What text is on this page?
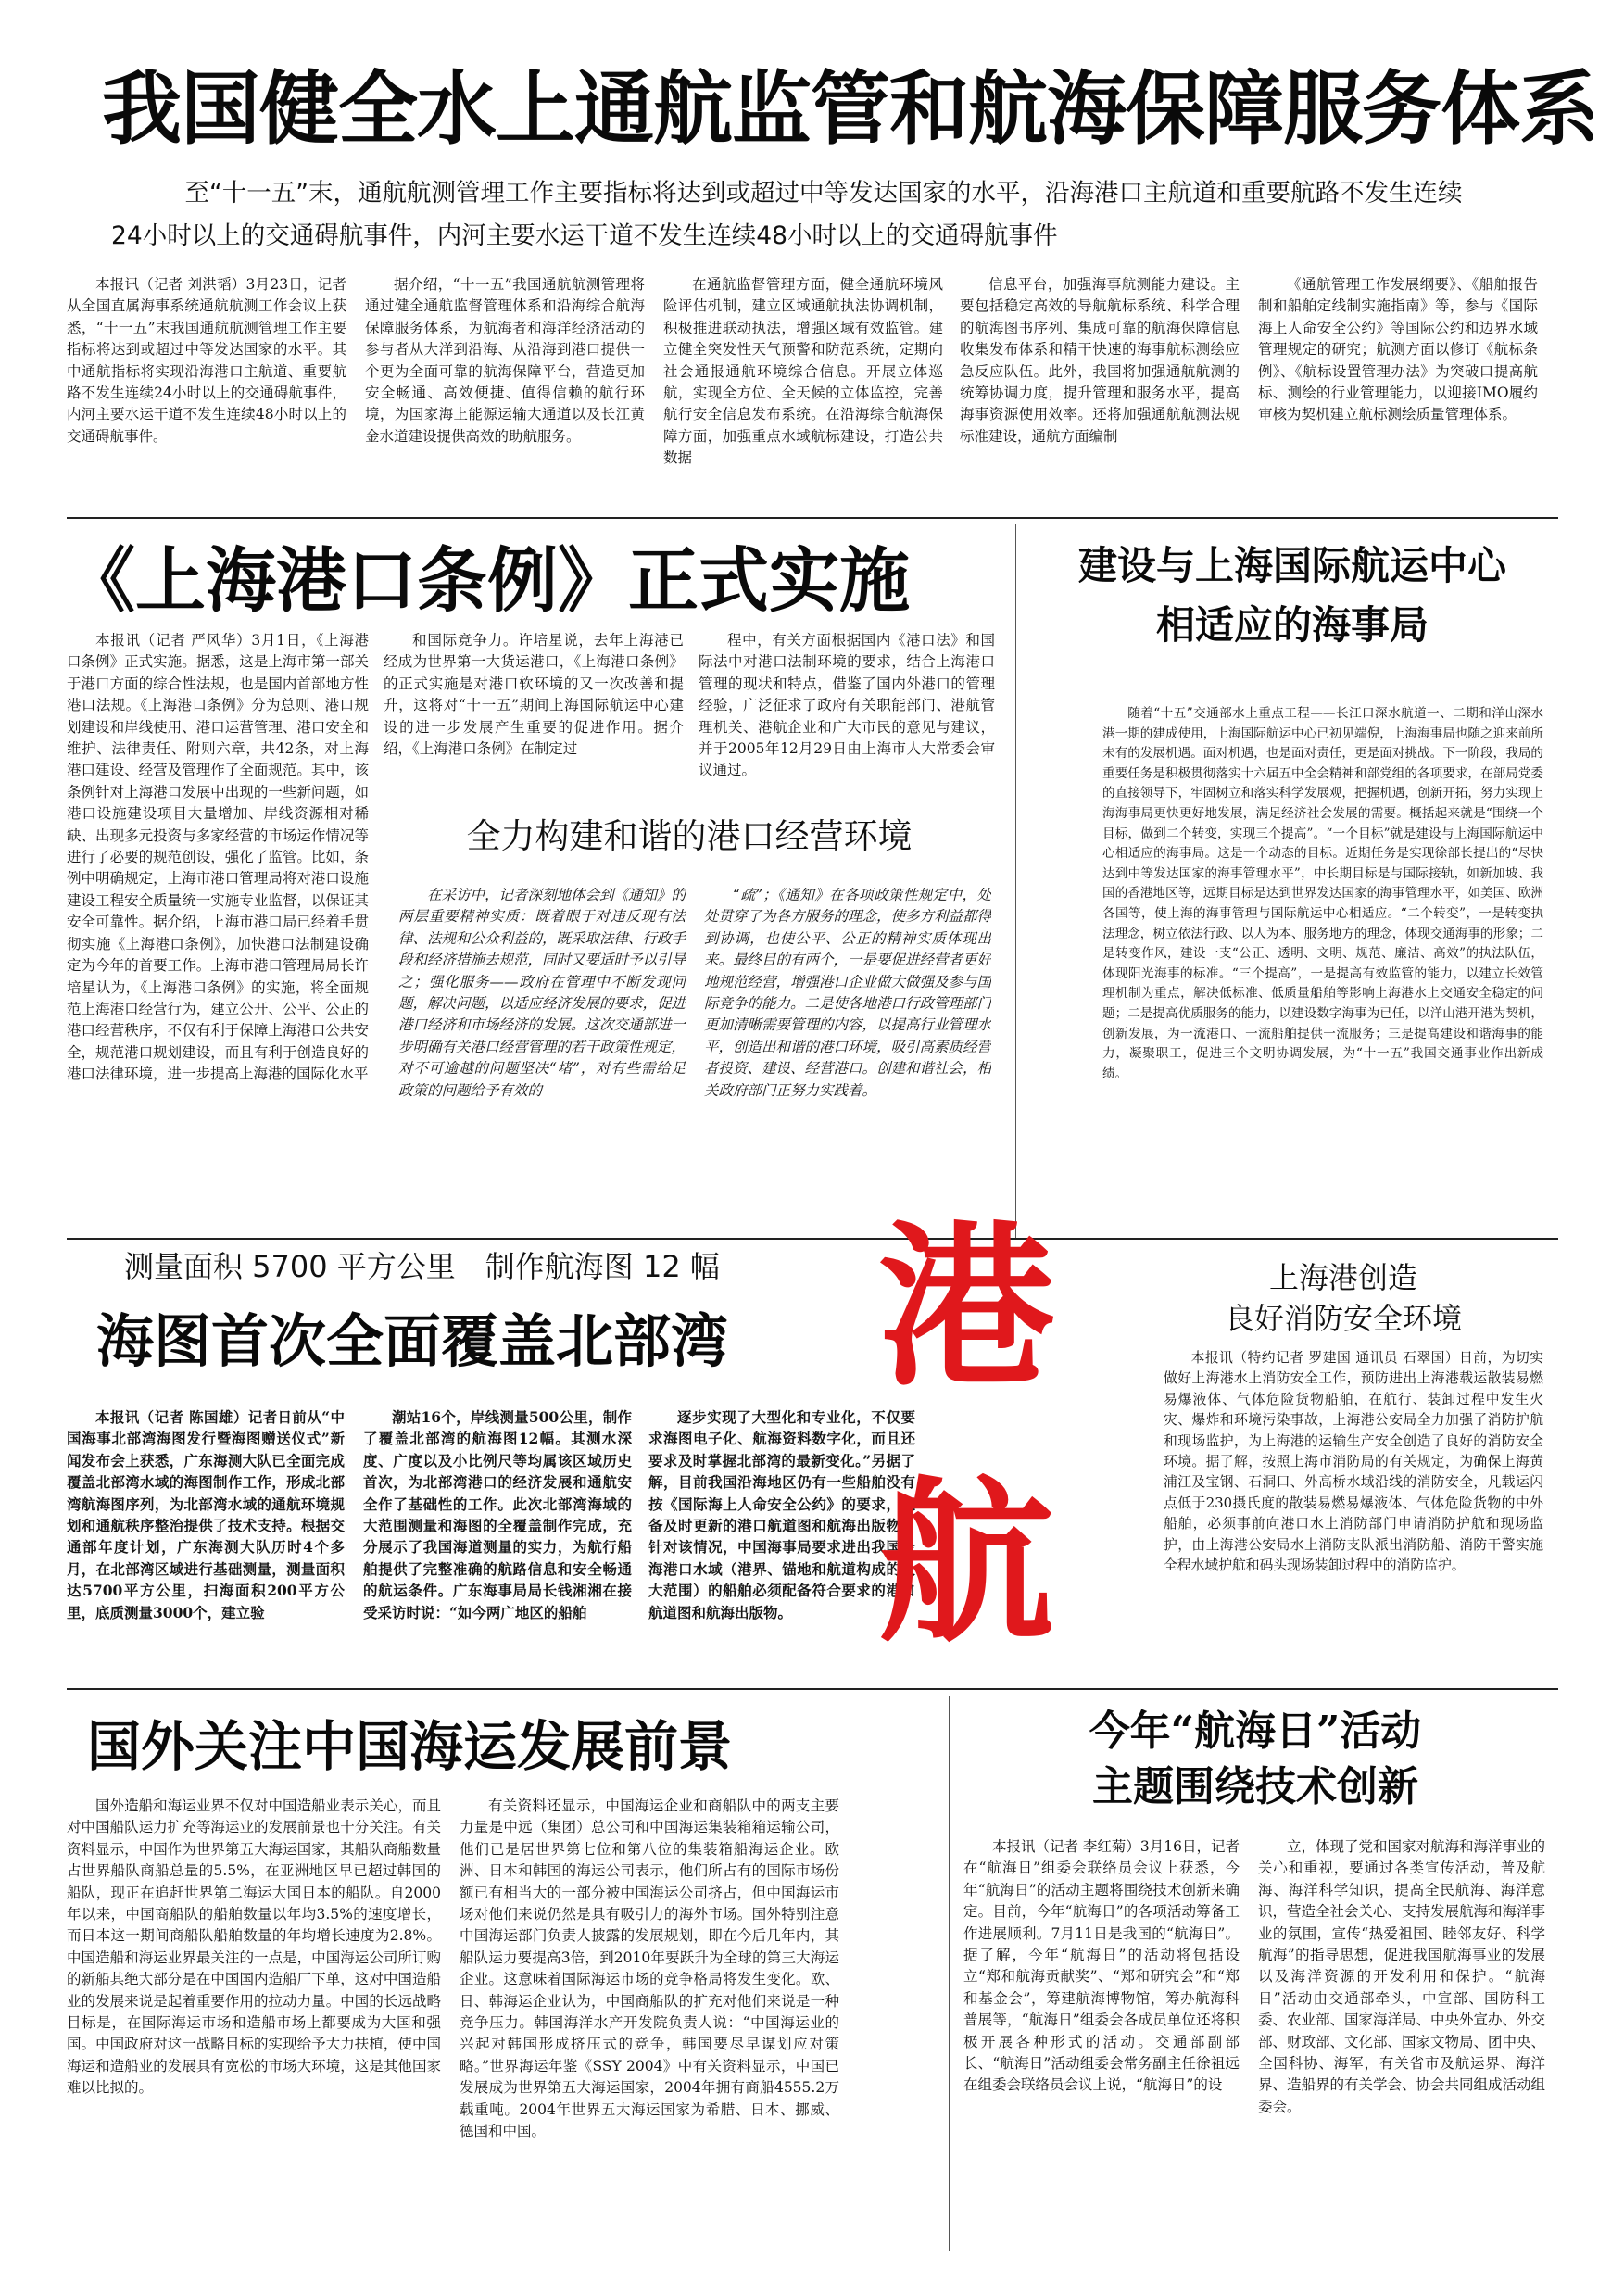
我国健全水上通航监管和航海保障服务体系
至“十一五”末，通航航测管理工作主要指标将达到或超过中等发达国家的水平，沿海港口主航道和重要航路不发生连续24小时以上的交通碍航事件，内河主要水运干道不发生连续48小时以上的交通碍航事件

本报讯（记者 刘洪韬）3月23日，记者从全国直属海事系统通航航测工作会议上获悉，“十一五”末我国通航航测管理工作主要指标将达到或超过中等发达国家的水平。其中通航指标将实现沿海港口主航道、重要航路不发生连续24小时以上的交通碍航事件，内河主要水运干道不发生连续48小时以上的交通碍航事件。

据介绍，“十一五”我国通航航测管理将通过健全通航监督管理体系和沿海综合航海保障服务体系，为航海者和海洋经济活动的参与者从大洋到沿海、从沿海到港口提供一个更为全面可靠的航海保障平台，营造更加安全畅通、高效便捷、值得信赖的航行环境，为国家海上能源运输大通道以及长江黄金水道建设提供高效的助航服务。

在通航监督管理方面，健全通航环境风险评估机制，建立区域通航执法协调机制，积极推进联动执法，增强区域有效监管。建立健全突发性天气预警和防范系统，定期向社会通报通航环境综合信息。开展立体巡航，实现全方位、全天候的立体监控，完善航行安全信息发布系统。在沿海综合航海保障方面，加强重点水域航标建设，打造公共数据

信息平台，加强海事航测能力建设。主要包括稳定高效的导航航标系统、科学合理的航海图书序列、集成可靠的航海保障信息收集发布体系和精干快速的海事航标测绘应急反应队伍。此外，我国将加强通航航测的统筹协调力度，提升管理和服务水平，提高海事资源使用效率。还将加强通航航测法规标准建设，通航方面编制

《通航管理工作发展纲要》、《船舶报告制和船舶定线制实施指南》等，参与《国际海上人命安全公约》等国际公约和边界水域管理规定的研究；航测方面以修订《航标条例》、《航标设置管理办法》为突破口提高航标、测绘的行业管理能力，以迎接IMO履约审核为契机建立航标测绘质量管理体系。

《上海港口条例》正式实施

本报讯（记者 严风华）3月1日，《上海港口条例》正式实施。据悉，这是上海市第一部关于港口方面的综合性法规，也是国内首部地方性港口法规。《上海港口条例》分为总则、港口规划建设和岸线使用、港口运营管理、港口安全和维护、法律责任、附则六章，共42条，对上海港口建设、经营及管理作了全面规范。其中，该条例针对上海港口发展中出现的一些新问题，如港口设施建设项目大量增加、岸线资源相对稀缺、出现多元投资与多家经营的市场运作情况等进行了必要的规范创设，强化了监管。比如，条例中明确规定，上海市港口管理局将对港口设施建设工程安全质量统一实施专业监督，以保证其安全可靠性。据介绍，上海市港口局已经着手贯彻实施《上海港口条例》，加快港口法制建设确定为今年的首要工作。上海市港口管理局局长许培星认为，《上海港口条例》的实施，将全面规范上海港口经营行为，建立公开、公平、公正的港口经营秩序，不仅有利于保障上海港口公共安全，规范港口规划建设，而且有利于创造良好的港口法律环境，进一步提高上海港的国际化水平

和国际竞争力。许培星说，去年上海港已经成为世界第一大货运港口，《上海港口条例》的正式实施是对港口软环境的又一次改善和提升，这将对“十一五”期间上海国际航运中心建设的进一步发展产生重要的促进作用。据介绍，《上海港口条例》在制定过

程中，有关方面根据国内《港口法》和国际法中对港口法制环境的要求，结合上海港口管理的现状和特点，借鉴了国内外港口的管理经验，广泛征求了政府有关职能部门、港航管理机关、港航企业和广大市民的意见与建议，并于2005年12月29日由上海市人大常委会审议通过。

全力构建和谐的港口经营环境

在采访中，记者深刻地体会到《通知》的两层重要精神实质：既着眼于对违反现有法律、法规和公众利益的，既采取法律、行政手段和经济措施去规范，同时又要适时予以引导之；强化服务——政府在管理中不断发现问题，解决问题，以适应经济发展的要求，促进港口经济和市场经济的发展。这次交通部进一步明确有关港口经营管理的若干政策性规定，对不可逾越的问题坚决“堵”，对有些需给足政策的问题给予有效的

“疏”；《通知》在各项政策性规定中，处处贯穿了为各方服务的理念，使多方利益都得到协调，也使公平、公正的精神实质体现出来。最终目的有两个，一是要促进经营者更好地规范经营，增强港口企业做大做强及参与国际竞争的能力。二是使各地港口行政管理部门更加清晰需要管理的内容，以提高行业管理水平，创造出和谐的港口环境，吸引高素质经营者投资、建设、经营港口。创建和谐社会，相关政府部门正努力实践着。

建设与上海国际航运中心
相适应的海事局

随着“十五”交通部水上重点工程——长江口深水航道一、二期和洋山深水港一期的建成使用，上海国际航运中心已初见端倪，上海海事局也随之迎来前所未有的发展机遇。面对机遇，也是面对责任，更是面对挑战。下一阶段，我局的重要任务是积极贯彻落实十六届五中全会精神和部党组的各项要求，在部局党委的直接领导下，牢固树立和落实科学发展观，把握机遇，创新开拓，努力实现上海海事局更快更好地发展，满足经济社会发展的需要。概括起来就是“围绕一个目标，做到二个转变，实现三个提高”。“一个目标”就是建设与上海国际航运中心相适应的海事局。这是一个动态的目标。近期任务是实现徐部长提出的“尽快达到中等发达国家的海事管理水平”，中长期目标是与国际接轨，如新加坡、我国的香港地区等，远期目标是达到世界发达国家的海事管理水平，如美国、欧洲各国等，使上海的海事管理与国际航运中心相适应。“二个转变”，一是转变执法理念，树立依法行政、以人为本、服务地方的理念，体现交通海事的形象；二是转变作风，建设一支“公正、透明、文明、规范、廉洁、高效”的执法队伍，体现阳光海事的标准。“三个提高”，一是提高有效监管的能力，以建立长效管理机制为重点，解决低标准、低质量船舶等影响上海港水上交通安全稳定的问题；二是提高优质服务的能力，以建设数字海事为已任，以洋山港开港为契机，创新发展，为一流港口、一流船舶提供一流服务；三是提高建设和谐海事的能力，凝聚职工，促进三个文明协调发展，为“十一五”我国交通事业作出新成绩。

测量面积 5700 平方公里　制作航海图 12 幅
海图首次全面覆盖北部湾

本报讯（记者 陈国雄）记者日前从“中国海事北部湾海图发行暨海图赠送仪式”新闻发布会上获悉，广东海测大队已全面完成覆盖北部湾水域的海图制作工作，形成北部湾航海图序列，为北部湾水域的通航环境规划和通航秩序整治提供了技术支持。根据交通部年度计划，广东海测大队历时4个多月，在北部湾区域进行基础测量，测量面积达5700平方公里，扫海面积200平方公里，底质测量3000个，建立验

潮站16个，岸线测量500公里，制作了覆盖北部湾的航海图12幅。其测水深度、广度以及小比例尺等均属该区域历史首次，为北部湾港口的经济发展和通航安全作了基础性的工作。此次北部湾海域的大范围测量和海图的全覆盖制作完成，充分展示了我国海道测量的实力，为航行船舶提供了完整准确的航路信息和安全畅通的航运条件。广东海事局局长钱湘湘在接受采访时说：“如今两广地区的船舶

逐步实现了大型化和专业化，不仅要求海图电子化、航海资料数字化，而且还要求及时掌握北部湾的最新变化。”另据了解，目前我国沿海地区仍有一些船舶没有按《国际海上人命安全公约》的要求，配备及时更新的港口航道图和航海出版物。针对该情况，中国海事局要求进出我国沿海港口水域（港界、锚地和航道构成的最大范围）的船舶必须配备符合要求的港口航道图和航海出版物。

港
航
上海港创造
良好消防安全环境

本报讯（特约记者 罗建国 通讯员 石翠国）日前，为切实做好上海港水上消防安全工作，预防进出上海港载运散装易燃易爆液体、气体危险货物船舶，在航行、装卸过程中发生火灾、爆炸和环境污染事故，上海港公安局全力加强了消防护航和现场监护，为上海港的运输生产安全创造了良好的消防安全环境。据了解，按照上海市消防局的有关规定，为确保上海黄浦江及宝钢、石洞口、外高桥水域沿线的消防安全，凡载运闪点低于230摄氏度的散装易燃易爆液体、气体危险货物的中外船舶，必须事前向港口水上消防部门申请消防护航和现场监护，由上海港公安局水上消防支队派出消防船、消防干警实施全程水域护航和码头现场装卸过程中的消防监护。

国外关注中国海运发展前景

国外造船和海运业界不仅对中国造船业表示关心，而且对中国船队运力扩充等海运业的发展前景也十分关注。有关资料显示，中国作为世界第五大海运国家，其船队商船数量占世界船队商船总量的5.5%，在亚洲地区早已超过韩国的船队，现正在追赶世界第二海运大国日本的船队。自2000年以来，中国商船队的船舶数量以年均3.5%的速度增长，而日本这一期间商船队船舶数量的年均增长速度为2.8%。中国造船和海运业界最关注的一点是，中国海运公司所订购的新船其绝大部分是在中国国内造船厂下单，这对中国造船业的发展来说是起着重要作用的拉动力量。中国的长远战略目标是，在国际海运市场和造船市场上都要成为大国和强国。中国政府对这一战略目标的实现给予大力扶植，使中国海运和造船业的发展具有宽松的市场大环境，这是其他国家难以比拟的。

有关资料还显示，中国海运企业和商船队中的两支主要力量是中远（集团）总公司和中国海运集装箱箱运输公司，他们已是居世界第七位和第八位的集装箱船海运企业。欧洲、日本和韩国的海运公司表示，他们所占有的国际市场份额已有相当大的一部分被中国海运公司挤占，但中国海运市场对他们来说仍然是具有吸引力的海外市场。国外特别注意中国海运部门负责人披露的发展规划，即在今后几年内，其船队运力要提高3倍，到2010年要跃升为全球的第三大海运企业。这意味着国际海运市场的竞争格局将发生变化。欧、日、韩海运企业认为，中国商船队的扩充对他们来说是一种竞争压力。韩国海洋水产开发院负责人说：“中国海运业的兴起对韩国形成挤压式的竞争，韩国要尽早谋划应对策略。”世界海运年鉴《SSY 2004》中有关资料显示，中国已发展成为世界第五大海运国家，2004年拥有商船4555.2万载重吨。2004年世界五大海运国家为希腊、日本、挪威、德国和中国。

今年“航海日”活动
主题围绕技术创新

本报讯（记者 李红菊）3月16日，记者在“航海日”组委会联络员会议上获悉，今年“航海日”的活动主题将围绕技术创新来确定。目前，今年“航海日”的各项活动筹备工作进展顺利。7月11日是我国的“航海日”。据了解，今年“航海日”的活动将包括设立“郑和航海贡献奖”、“郑和研究会”和“郑和基金会”，筹建航海博物馆，筹办航海科普展等，“航海日”组委会各成员单位还将积极开展各种形式的活动。交通部副部长、“航海日”活动组委会常务副主任徐祖远在组委会联络员会议上说，“航海日”的设

立，体现了党和国家对航海和海洋事业的关心和重视，要通过各类宣传活动，普及航海、海洋科学知识，提高全民航海、海洋意识，营造全社会关心、支持发展航海和海洋事业的氛围，宣传“热爱祖国、睦邻友好、科学航海”的指导思想，促进我国航海事业的发展以及海洋资源的开发利用和保护。“航海日”活动由交通部牵头，中宣部、国防科工委、农业部、国家海洋局、中央外宣办、外交部、财政部、文化部、国家文物局、团中央、全国科协、海军，有关省市及航运界、海洋界、造船界的有关学会、协会共同组成活动组委会。
